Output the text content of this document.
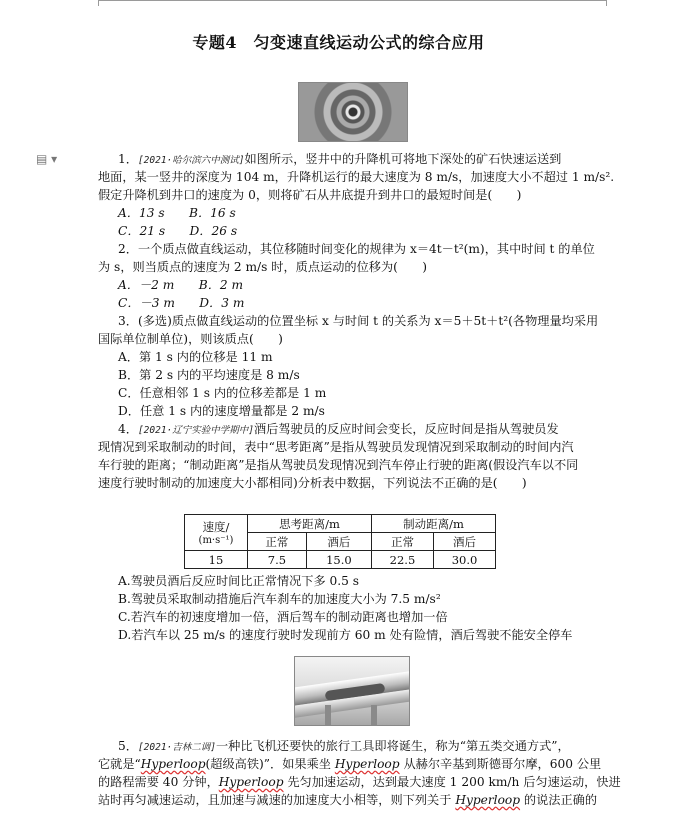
▤ ▾
专题4　匀变速直线运动公式的综合应用
1．[2021·哈尔滨六中测试]如图所示，竖井中的升降机可将地下深处的矿石快速运送到
地面，某一竖井的深度为 104 m，升降机运行的最大速度为 8 m/s，加速度大小不超过 1 m/s².
假定升降机到井口的速度为 0，则将矿石从井底提升到井口的最短时间是(　　)
A．13 s　　B．16 s
C．21 s　　D．26 s
2．一个质点做直线运动，其位移随时间变化的规律为 x＝4t－t²(m)，其中时间 t 的单位
为 s，则当质点的速度为 2 m/s 时，质点运动的位移为(　　)
A．－2 m　　B．2 m
C．－3 m　　D．3 m
3．(多选)质点做直线运动的位置坐标 x 与时间 t 的关系为 x＝5＋5t＋t²(各物理量均采用
国际单位制单位)，则该质点(　　)
A．第 1 s 内的位移是 11 m
B．第 2 s 内的平均速度是 8 m/s
C．任意相邻 1 s 内的位移差都是 1 m
D．任意 1 s 内的速度增量都是 2 m/s
4．[2021·辽宁实验中学期中]酒后驾驶员的反应时间会变长，反应时间是指从驾驶员发
现情况到采取制动的时间，表中“思考距离”是指从驾驶员发现情况到采取制动的时间内汽
车行驶的距离；“制动距离”是指从驾驶员发现情况到汽车停止行驶的距离(假设汽车以不同
速度行驶时制动的加速度大小都相同)分析表中数据，下列说法不正确的是(　　)
速度/
(m·s⁻¹)	思考距离/m		制动距离/m	
	正常	酒后	正常	酒后
15	7.5	15.0	22.5	30.0
A.驾驶员酒后反应时间比正常情况下多 0.5 s
B.驾驶员采取制动措施后汽车刹车的加速度大小为 7.5 m/s²
C.若汽车的初速度增加一倍，酒后驾车的制动距离也增加一倍
D.若汽车以 25 m/s 的速度行驶时发现前方 60 m 处有险情，酒后驾驶不能安全停车
5．[2021·吉林二调]一种比飞机还要快的旅行工具即将诞生，称为“第五类交通方式”，
它就是“Hyperloop(超级高铁)”．如果乘坐 Hyperloop 从赫尔辛基到斯德哥尔摩，600 公里
的路程需要 40 分钟，Hyperloop 先匀加速运动，达到最大速度 1 200 km/h 后匀速运动，快进
站时再匀减速运动，且加速与减速的加速度大小相等，则下列关于 Hyperloop 的说法正确的
